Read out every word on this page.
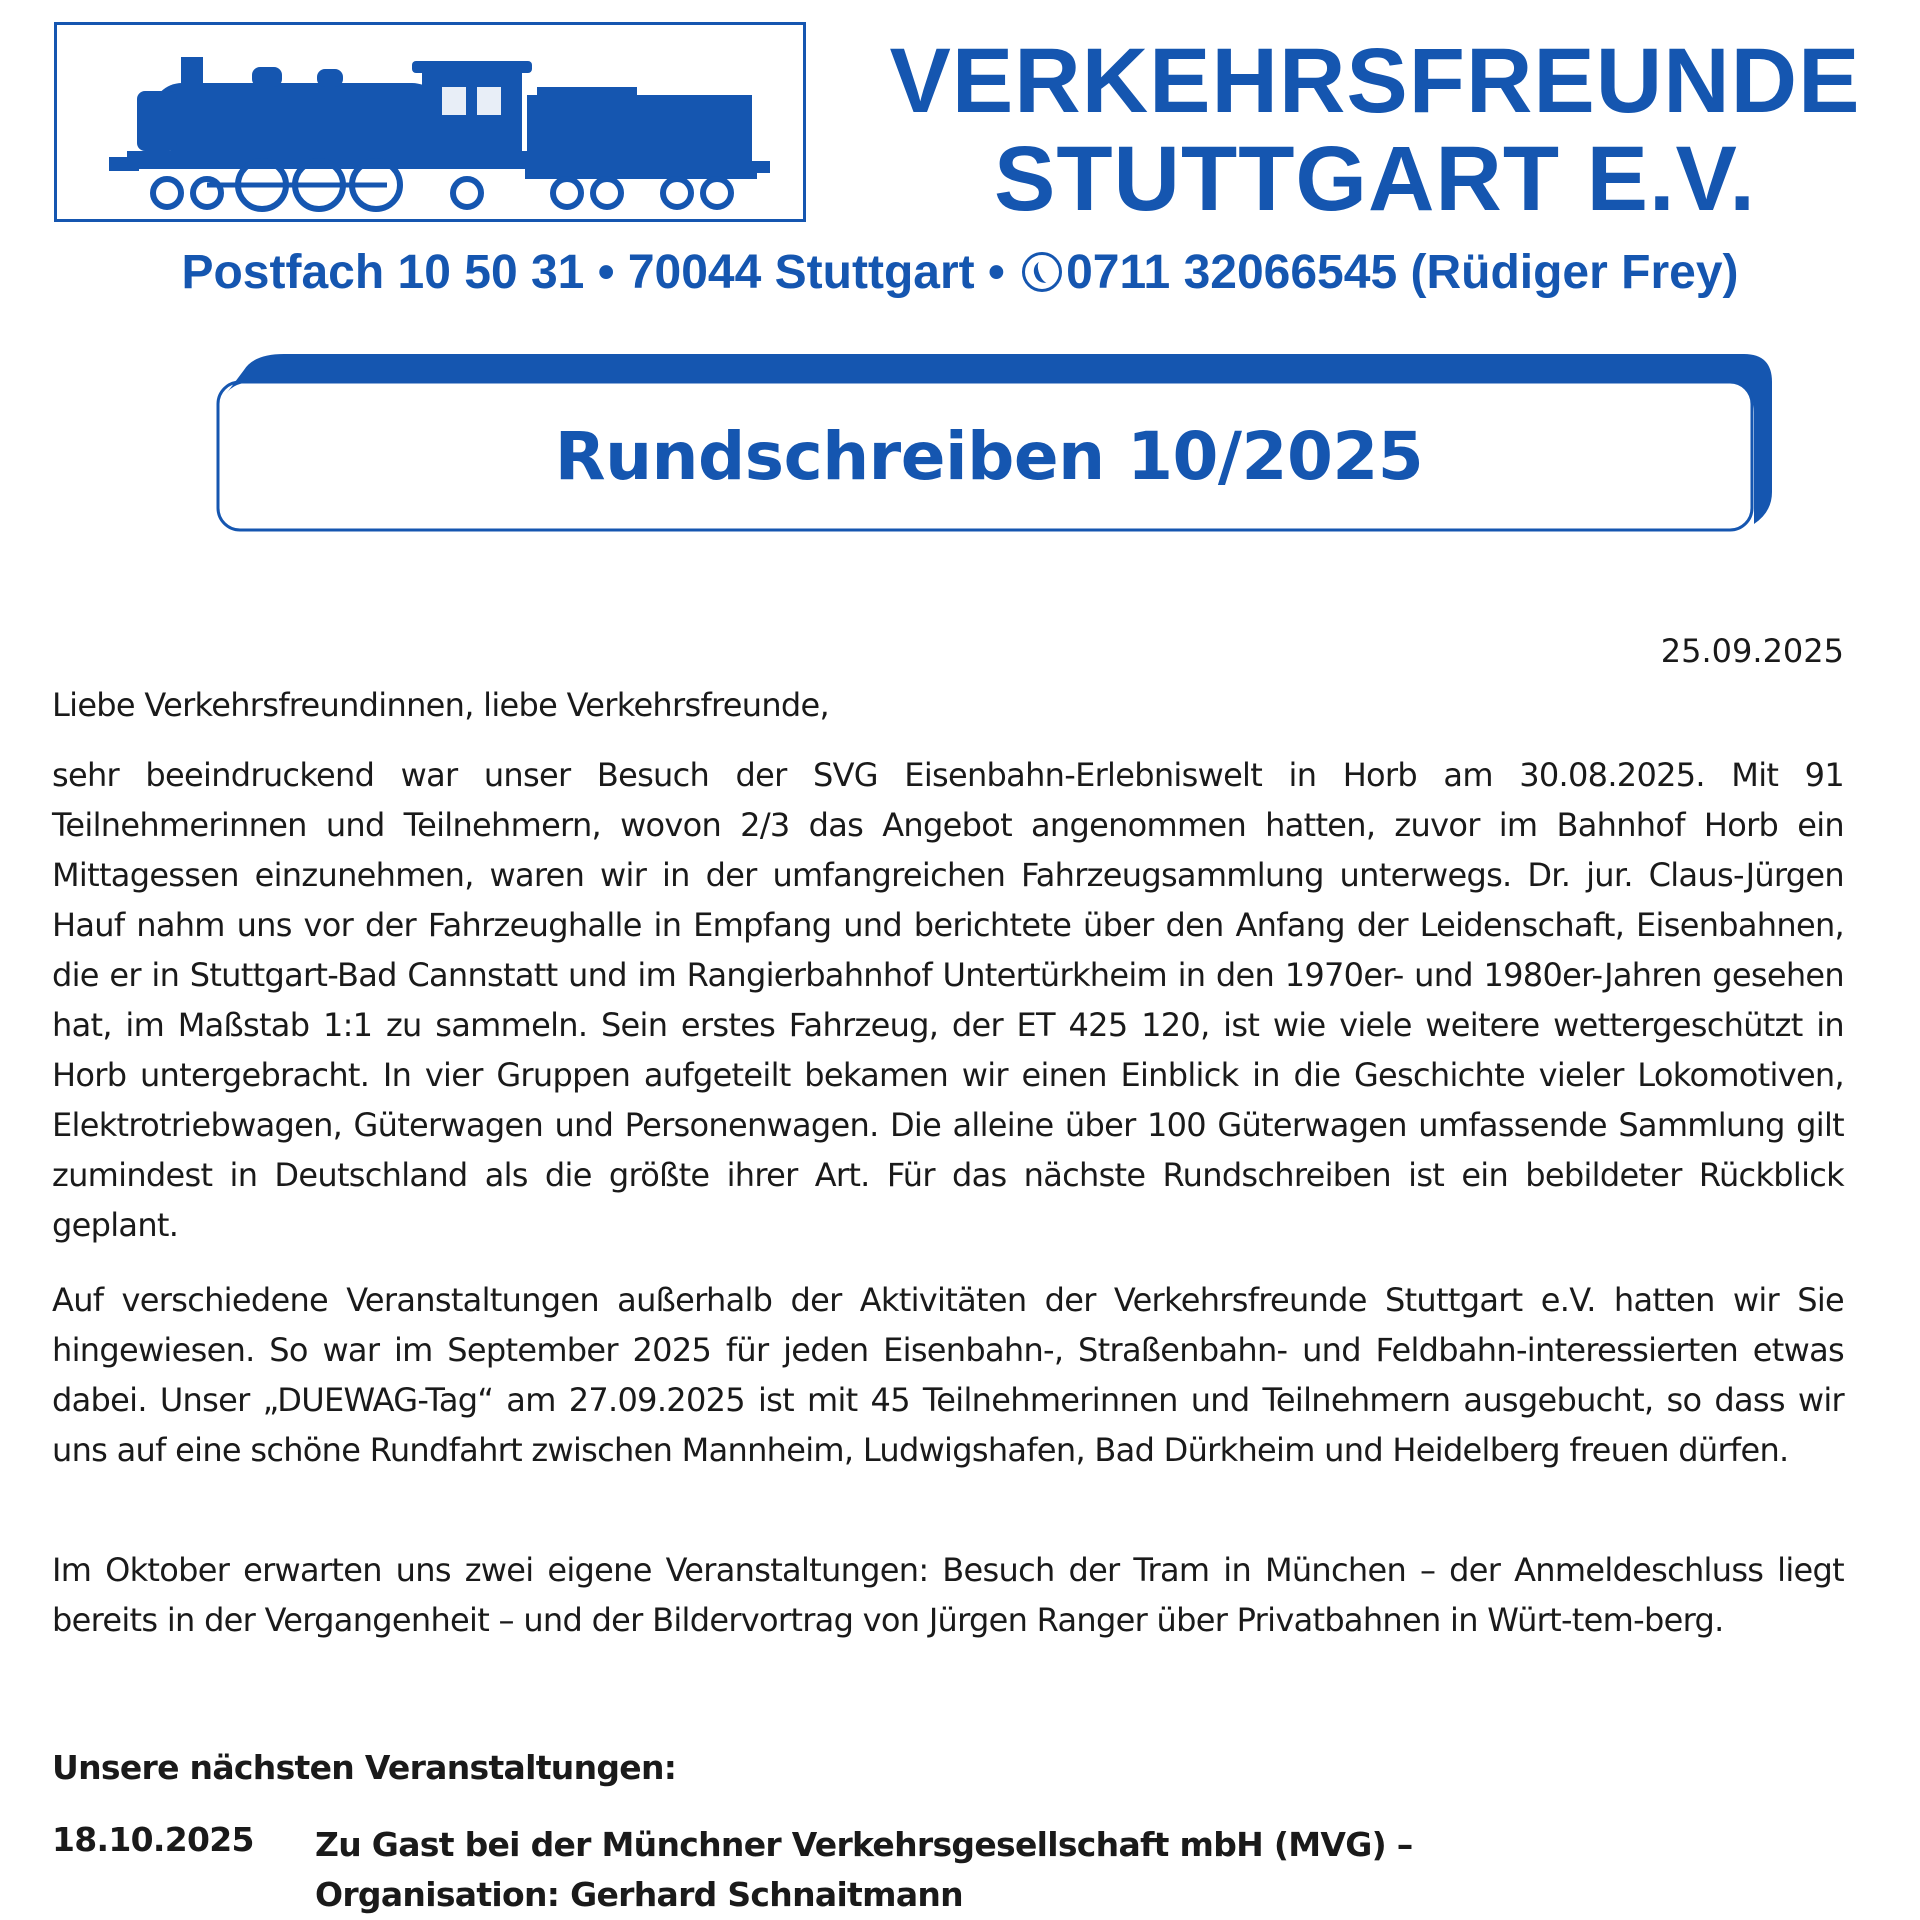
VERKEHRSFREUNDE
STUTTGART E.V.
Postfach 10 50 31 • 70044 Stuttgart • 0711 32066545 (Rüdiger Frey)
Rundschreiben 10/2025
25.09.2025
Liebe Verkehrsfreundinnen, liebe Verkehrsfreunde,
sehr beeindruckend war unser Besuch der SVG Eisenbahn-Erlebniswelt in Horb am 30.08.2025. Mit 91 Teilnehmerinnen und Teilnehmern, wovon 2/3 das Angebot angenommen hatten, zuvor im Bahnhof Horb ein Mittagessen einzunehmen, waren wir in der umfangreichen Fahrzeugsammlung unterwegs. Dr. jur. Claus-Jürgen Hauf nahm uns vor der Fahrzeughalle in Empfang und berichtete über den Anfang der Leidenschaft, Eisenbahnen, die er in Stuttgart-Bad Cannstatt und im Rangierbahnhof Untertürkheim in den 1970er- und 1980er-Jahren gesehen hat, im Maßstab 1:1 zu sammeln. Sein erstes Fahrzeug, der ET 425 120, ist wie viele weitere wettergeschützt in Horb untergebracht. In vier Gruppen aufgeteilt bekamen wir einen Einblick in die Geschichte vieler Lokomotiven, Elektrotriebwagen, Güterwagen und Personenwagen. Die alleine über 100 Güterwagen umfassende Sammlung gilt zumindest in Deutschland als die größte ihrer Art. Für das nächste Rundschreiben ist ein bebildeter Rückblick geplant.
Auf verschiedene Veranstaltungen außerhalb der Aktivitäten der Verkehrsfreunde Stuttgart e.V. hatten wir Sie hingewiesen. So war im September 2025 für jeden Eisenbahn-, Straßenbahn- und Feldbahn-interessierten etwas dabei. Unser „DUEWAG-Tag“ am 27.09.2025 ist mit 45 Teilnehmerinnen und Teilnehmern ausgebucht, so dass wir uns auf eine schöne Rundfahrt zwischen Mannheim, Ludwigshafen, Bad Dürkheim und Heidelberg freuen dürfen.
Im Oktober erwarten uns zwei eigene Veranstaltungen: Besuch der Tram in München – der Anmeldeschluss liegt bereits in der Vergangenheit – und der Bildervortrag von Jürgen Ranger über Privatbahnen in Würt-tem-berg.
Unsere nächsten Veranstaltungen:
18.10.2025 Zu Gast bei der Münchner Verkehrsgesellschaft mbH (MVG) –
Organisation: Gerhard Schnaitmann
